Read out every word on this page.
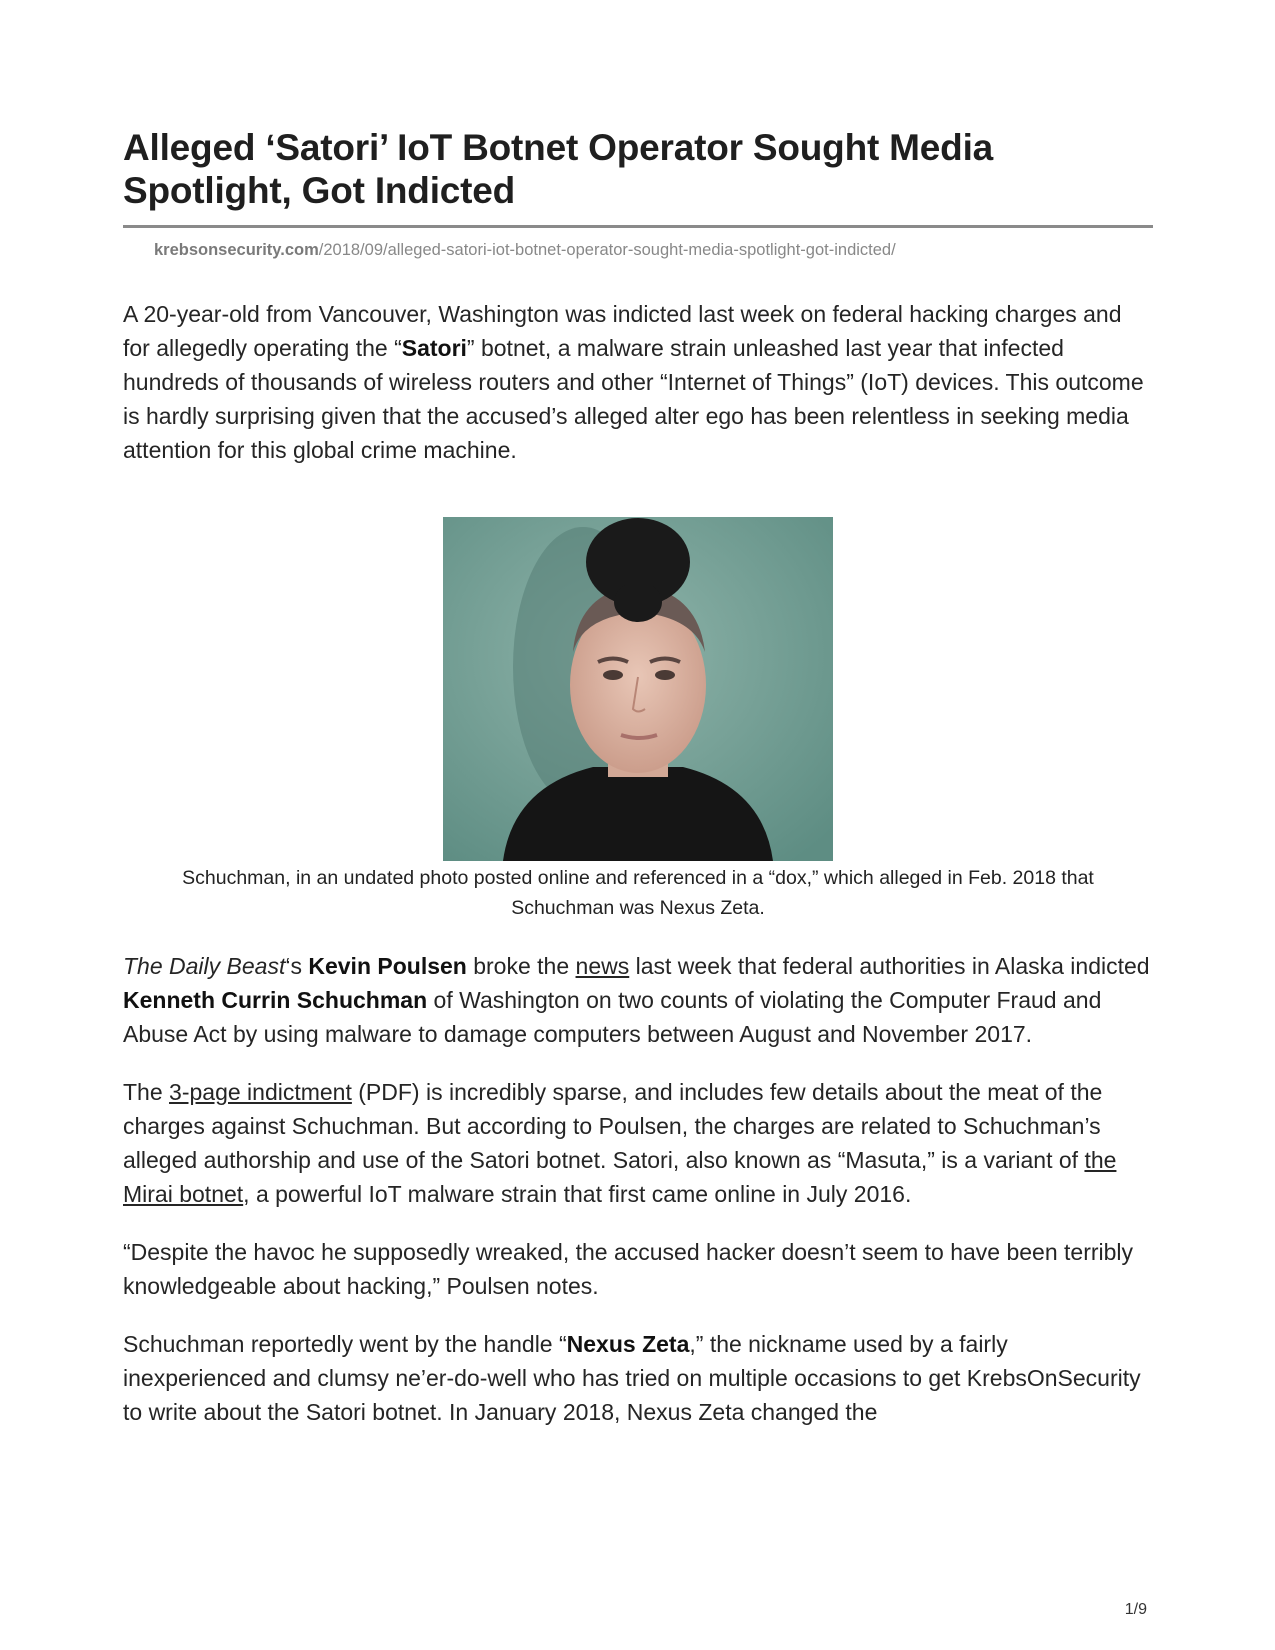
Alleged ‘Satori’ IoT Botnet Operator Sought Media Spotlight, Got Indicted
krebsonsecurity.com/2018/09/alleged-satori-iot-botnet-operator-sought-media-spotlight-got-indicted/

A 20-year-old from Vancouver, Washington was indicted last week on federal hacking charges and for allegedly operating the “Satori” botnet, a malware strain unleashed last year that infected hundreds of thousands of wireless routers and other “Internet of Things” (IoT) devices. This outcome is hardly surprising given that the accused’s alleged alter ego has been relentless in seeking media attention for this global crime machine.

Schuchman, in an undated photo posted online and referenced in a “dox,” which alleged in Feb. 2018 that Schuchman was Nexus Zeta.

The Daily Beast‘s Kevin Poulsen broke the news last week that federal authorities in Alaska indicted Kenneth Currin Schuchman of Washington on two counts of violating the Computer Fraud and Abuse Act by using malware to damage computers between August and November 2017.

The 3-page indictment (PDF) is incredibly sparse, and includes few details about the meat of the charges against Schuchman. But according to Poulsen, the charges are related to Schuchman’s alleged authorship and use of the Satori botnet. Satori, also known as “Masuta,” is a variant of the Mirai botnet, a powerful IoT malware strain that first came online in July 2016.

“Despite the havoc he supposedly wreaked, the accused hacker doesn’t seem to have been terribly knowledgeable about hacking,” Poulsen notes.

Schuchman reportedly went by the handle “Nexus Zeta,” the nickname used by a fairly inexperienced and clumsy ne’er-do-well who has tried on multiple occasions to get KrebsOnSecurity to write about the Satori botnet. In January 2018, Nexus Zeta changed the

1/9
